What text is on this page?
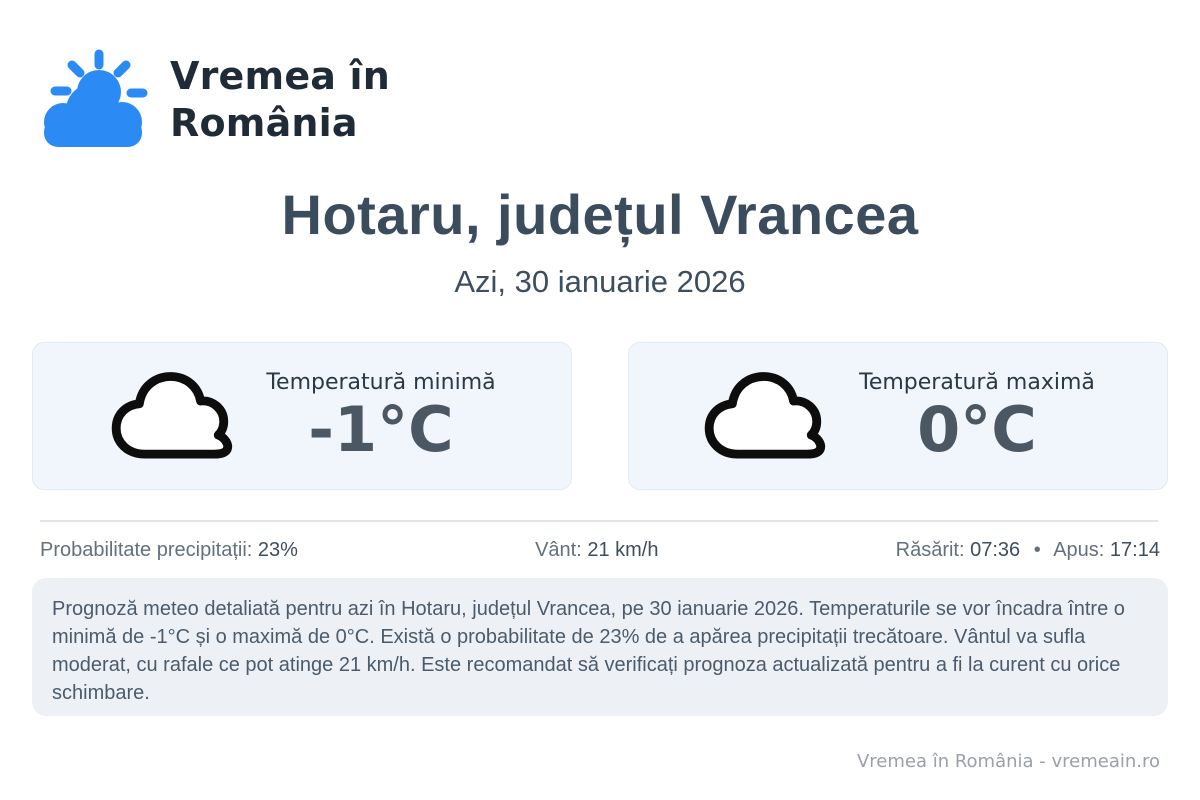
Vremea în
România
Hotaru, județul Vrancea
Azi, 30 ianuarie 2026
Temperatură minimă
-1°C
Temperatură maximă
0°C
Probabilitate precipitații: 23%	Vânt: 21 km/h	Răsărit: 07:36 • Apus: 17:14

Prognoză meteo detaliată pentru azi în Hotaru, județul Vrancea, pe 30 ianuarie 2026. Temperaturile se vor încadra între o minimă de -1°C și o maximă de 0°C. Există o probabilitate de 23% de a apărea precipitații trecătoare. Vântul va sufla moderat, cu rafale ce pot atinge 21 km/h. Este recomandat să verificați prognoza actualizată pentru a fi la curent cu orice schimbare.

Vremea în România - vremeain.ro
